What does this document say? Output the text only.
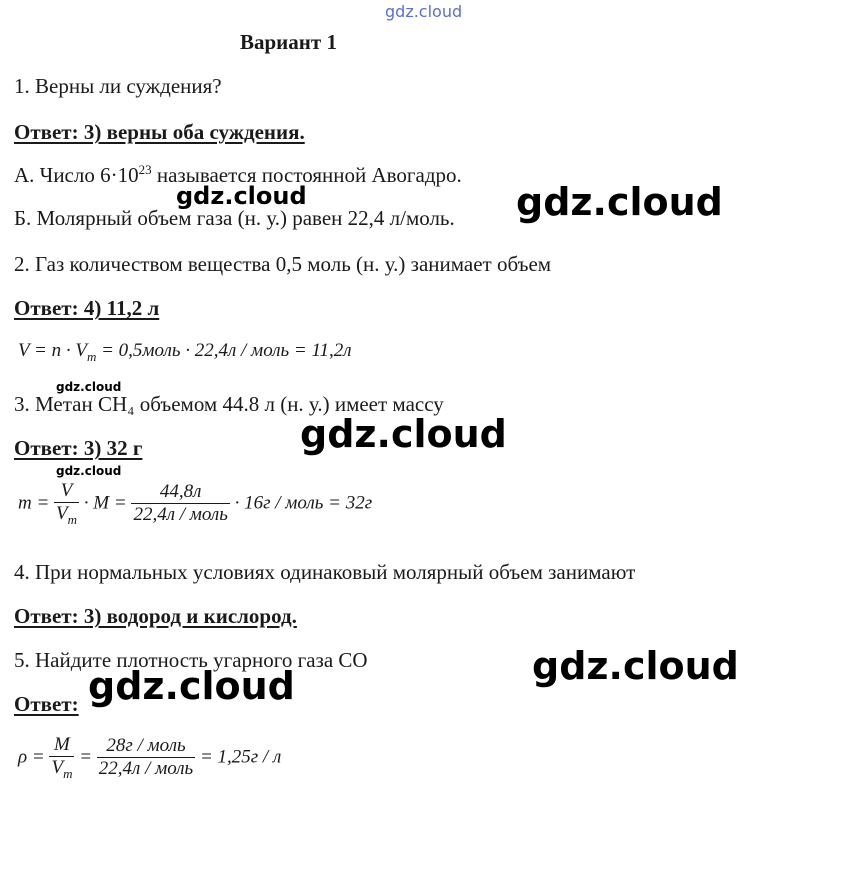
gdz.cloud
Вариант 1
1. Верны ли суждения?
Ответ: 3) верны оба суждения.
А. Число $6\cdot 10^{23}$ называется постоянной Авогадро.
Б. Молярный объем газа (н. у.) равен 22,4 л/моль.
2. Газ количеством вещества 0,5 моль (н. у.) занимает объем
Ответ: 4) 11,2 л
$V = n \cdot V_m$ = 0,5моль · 22,4л / моль = 11,2л
3. Метан CH₄ объемом 44.8 л (н. у.) имеет массу
Ответ: 3) 32 г
$m = \frac{V}{V_m} \cdot M = \frac{44,8л}{\text{22,4л / моль}} \cdot 16г$ / моль = 32г
4. При нормальных условиях одинаковый молярный объем занимают
Ответ: 3) водород и кислород.
5. Найдите плотность угарного газа CO
Ответ:
$\rho = \frac{M}{V_m} = \frac{\text{28г / моль}}{\text{22,4л / моль}} = 1,25г / л$
gdz.cloud	gdz.cloud
gdz.cloud
gdz.cloud
gdz.cloud
gdz.cloud
gdz.cloud
